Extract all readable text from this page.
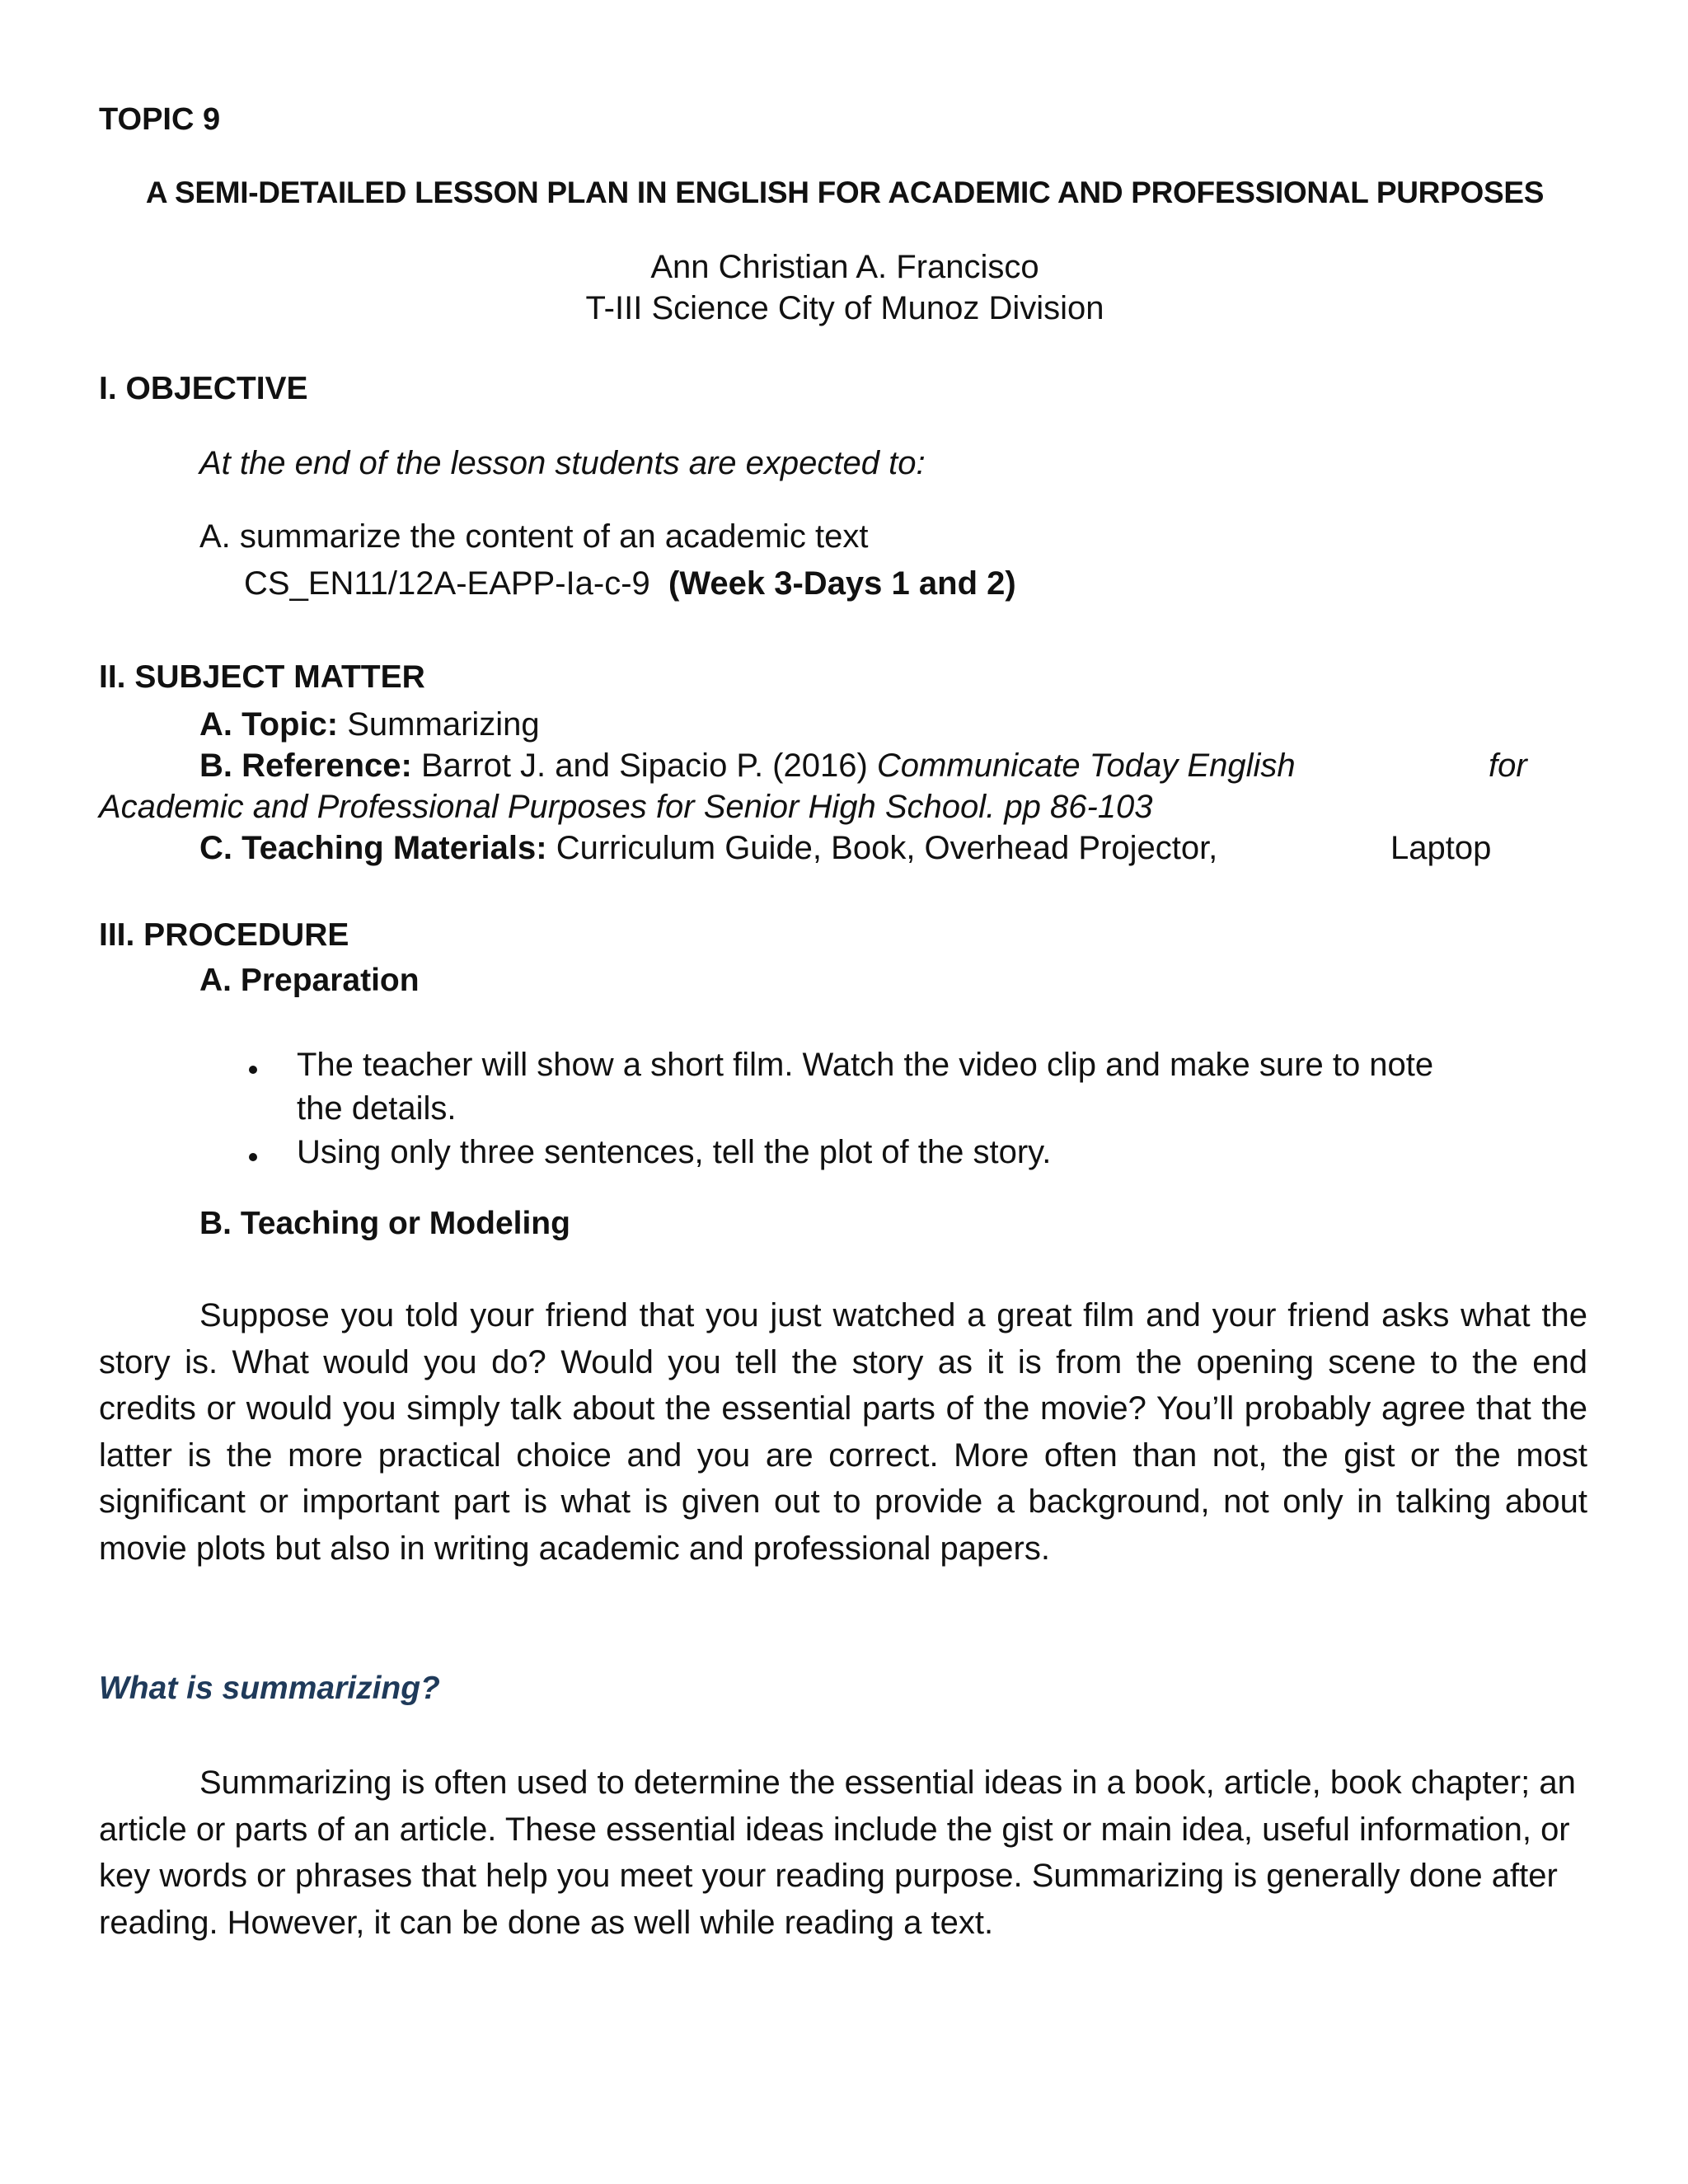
TOPIC 9
A SEMI-DETAILED LESSON PLAN IN ENGLISH FOR ACADEMIC AND PROFESSIONAL PURPOSES
Ann Christian A. Francisco
T-III Science City of Munoz Division
I. OBJECTIVE
At the end of the lesson students are expected to:
A. summarize the content of an academic text
CS_EN11/12A-EAPP-Ia-c-9 (Week 3-Days 1 and 2)
II. SUBJECT MATTER
A. Topic: Summarizing
B. Reference: Barrot J. and Sipacio P. (2016) Communicate Today English	for
Academic and Professional Purposes for Senior High School. pp 86-103
C. Teaching Materials: Curriculum Guide, Book, Overhead Projector,	Laptop
III. PROCEDURE
A. Preparation
The teacher will show a short film. Watch the video clip and make sure to note
the details.
Using only three sentences, tell the plot of the story.
B. Teaching or Modeling

Suppose you told your friend that you just watched a great film and your friend asks what the story is. What would you do? Would you tell the story as it is from the opening scene to the end credits or would you simply talk about the essential parts of the movie? You’ll probably agree that the latter is the more practical choice and you are correct. More often than not, the gist or the most significant or important part is what is given out to provide a background, not only in talking about movie plots but also in writing academic and professional papers.

What is summarizing?

Summarizing is often used to determine the essential ideas in a book, article, book chapter; an article or parts of an article. These essential ideas include the gist or main idea, useful information, or key words or phrases that help you meet your reading purpose. Summarizing is generally done after reading. However, it can be done as well while reading a text.
